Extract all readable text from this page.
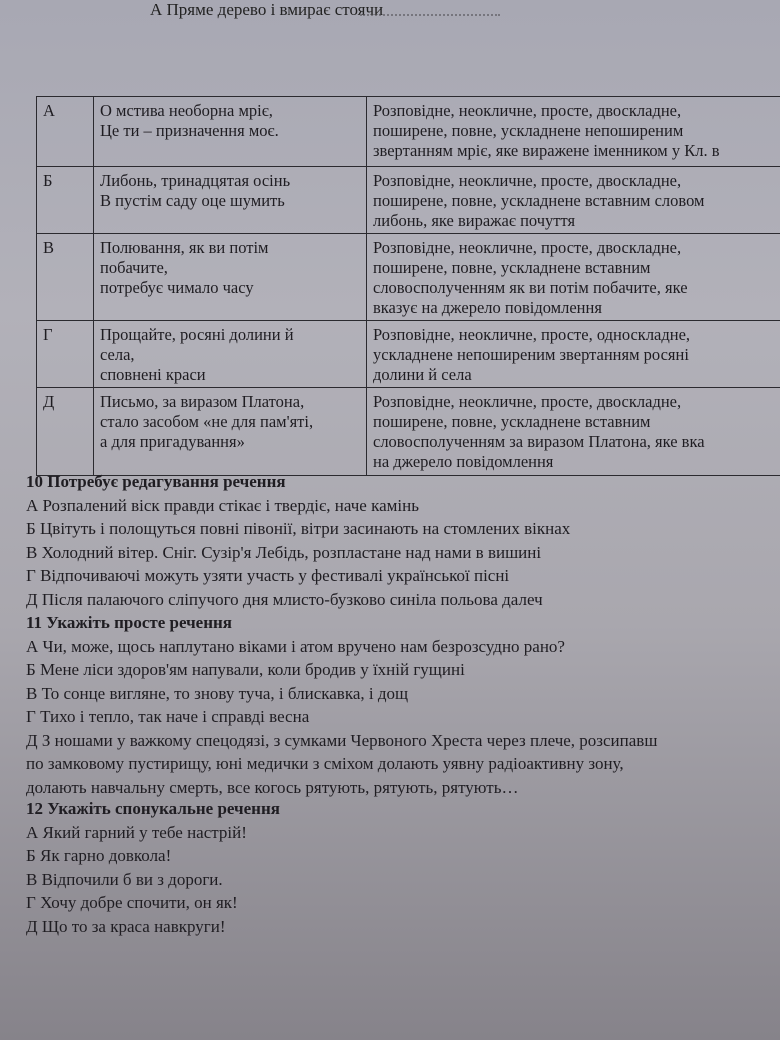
А Пряме дерево і вмирає стоячи
А	О мстива необорна мріє,
Це ти – призначення моє.	Розповідне, неокличне, просте, двоскладне,
поширене, повне, ускладнене непоширеним
звертанням мріє, яке виражене іменником у Кл. в
Б	Либонь, тринадцятая осінь
В пустім саду оце шумить	Розповідне, неокличне, просте, двоскладне,
поширене, повне, ускладнене вставним словом
либонь, яке виражає почуття
В	Полювання, як ви потім
побачите,
потребує чимало часу	Розповідне, неокличне, просте, двоскладне,
поширене, повне, ускладнене вставним
словосполученням як ви потім побачите, яке
вказує на джерело повідомлення
Г	Прощайте, росяні долини й
села,
сповнені краси	Розповідне, неокличне, просте, односкладне,
ускладнене непоширеним звертанням росяні
долини й села
Д	Письмо, за виразом Платона,
стало засобом «не для пам'яті,
а для пригадування»	Розповідне, неокличне, просте, двоскладне,
поширене, повне, ускладнене вставним
словосполученням за виразом Платона, яке вка
на джерело повідомлення
10 Потребує редагування речення
А Розпалений віск правди стікає і твердіє, наче камінь
Б Цвітуть і полощуться повні півонії, вітри засинають на стомлених вікнах
В Холодний вітер. Сніг. Сузір'я Лебідь, розпластане над нами в вишині
Г Відпочиваючі можуть узяти участь у фестивалі української пісні
Д Після палаючого сліпучого дня млисто-бузково синіла польова далеч
11 Укажіть просте речення
А Чи, може, щось наплутано віками і атом вручено нам безрозсудно рано?
Б Мене ліси здоров'ям напували, коли бродив у їхній гущині
В То сонце вигляне, то знову туча, і блискавка, і дощ
Г Тихо і тепло, так наче і справді весна
Д З ношами у важкому спецодязі, з сумками Червоного Хреста через плече, розсипавш
по замковому пустирищу, юні медички з сміхом долають уявну радіоактивну зону,
долають навчальну смерть, все когось рятують, рятують, рятують…
12 Укажіть спонукальне речення
А Який гарний у тебе настрій!
Б Як гарно довкола!
В Відпочили б ви з дороги.
Г Хочу добре спочити, он як!
Д Що то за краса навкруги!
